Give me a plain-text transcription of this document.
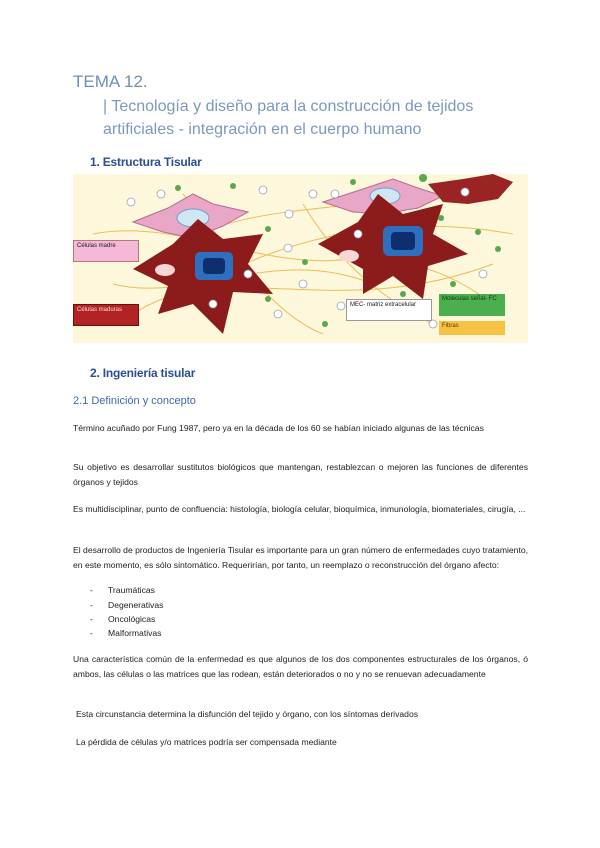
TEMA 12.
| Tecnología y diseño para la construcción de tejidos artificiales - integración en el cuerpo humano
1. Estructura Tisular
Células madre
Células maduras
MEC- matriz extracelular
Moleculas señal- FC
Fibras
2. Ingeniería tisular
2.1 Definición y concepto
Término acuñado por Fung 1987, pero ya en la década de los 60 se habían iniciado algunas de las técnicas
Su objetivo es desarrollar sustitutos biológicos que mantengan, restablezcan o mejoren las funciones de diferentes órganos y tejidos
Es multidisciplinar, punto de confluencia: histología, biología celular, bioquímica, inmunología, biomateriales, cirugía, ...
El desarrollo de productos de Ingeniería Tisular es importante para un gran número de enfermedades cuyo tratamiento, en este momento, es sólo sintomático. Requerirían, por tanto, un reemplazo o reconstrucción del órgano afecto:
- Traumáticas
- Degenerativas
- Oncológicas
- Malformativas
Una característica común de la enfermedad es que algunos de los dos componentes estructurales de los órganos, ó ambos, las células o las matrices que las rodean, están deteriorados o no y no se renuevan adecuadamente
Esta circunstancia determina la disfunción del tejido y órgano, con los síntomas derivados
La pérdida de células y/o matrices podría ser compensada mediante
